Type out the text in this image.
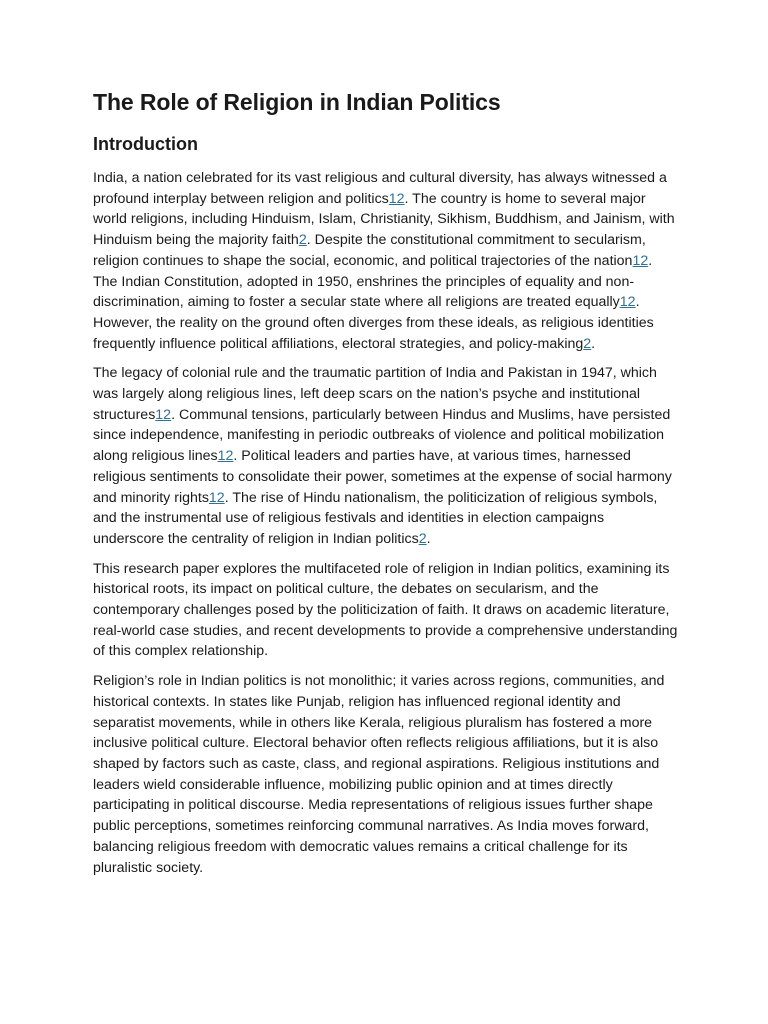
The Role of Religion in Indian Politics
Introduction

India, a nation celebrated for its vast religious and cultural diversity, has always witnessed a profound interplay between religion and politics12. The country is home to several major world religions, including Hinduism, Islam, Christianity, Sikhism, Buddhism, and Jainism, with Hinduism being the majority faith2. Despite the constitutional commitment to secularism, religion continues to shape the social, economic, and political trajectories of the nation12. The Indian Constitution, adopted in 1950, enshrines the principles of equality and non-discrimination, aiming to foster a secular state where all religions are treated equally12. However, the reality on the ground often diverges from these ideals, as religious identities frequently influence political affiliations, electoral strategies, and policy-making2.

The legacy of colonial rule and the traumatic partition of India and Pakistan in 1947, which was largely along religious lines, left deep scars on the nation’s psyche and institutional structures12. Communal tensions, particularly between Hindus and Muslims, have persisted since independence, manifesting in periodic outbreaks of violence and political mobilization along religious lines12. Political leaders and parties have, at various times, harnessed religious sentiments to consolidate their power, sometimes at the expense of social harmony and minority rights12. The rise of Hindu nationalism, the politicization of religious symbols, and the instrumental use of religious festivals and identities in election campaigns underscore the centrality of religion in Indian politics2.

This research paper explores the multifaceted role of religion in Indian politics, examining its historical roots, its impact on political culture, the debates on secularism, and the contemporary challenges posed by the politicization of faith. It draws on academic literature, real-world case studies, and recent developments to provide a comprehensive understanding of this complex relationship.

Religion’s role in Indian politics is not monolithic; it varies across regions, communities, and historical contexts. In states like Punjab, religion has influenced regional identity and separatist movements, while in others like Kerala, religious pluralism has fostered a more inclusive political culture. Electoral behavior often reflects religious affiliations, but it is also shaped by factors such as caste, class, and regional aspirations. Religious institutions and leaders wield considerable influence, mobilizing public opinion and at times directly participating in political discourse. Media representations of religious issues further shape public perceptions, sometimes reinforcing communal narratives. As India moves forward, balancing religious freedom with democratic values remains a critical challenge for its pluralistic society.
